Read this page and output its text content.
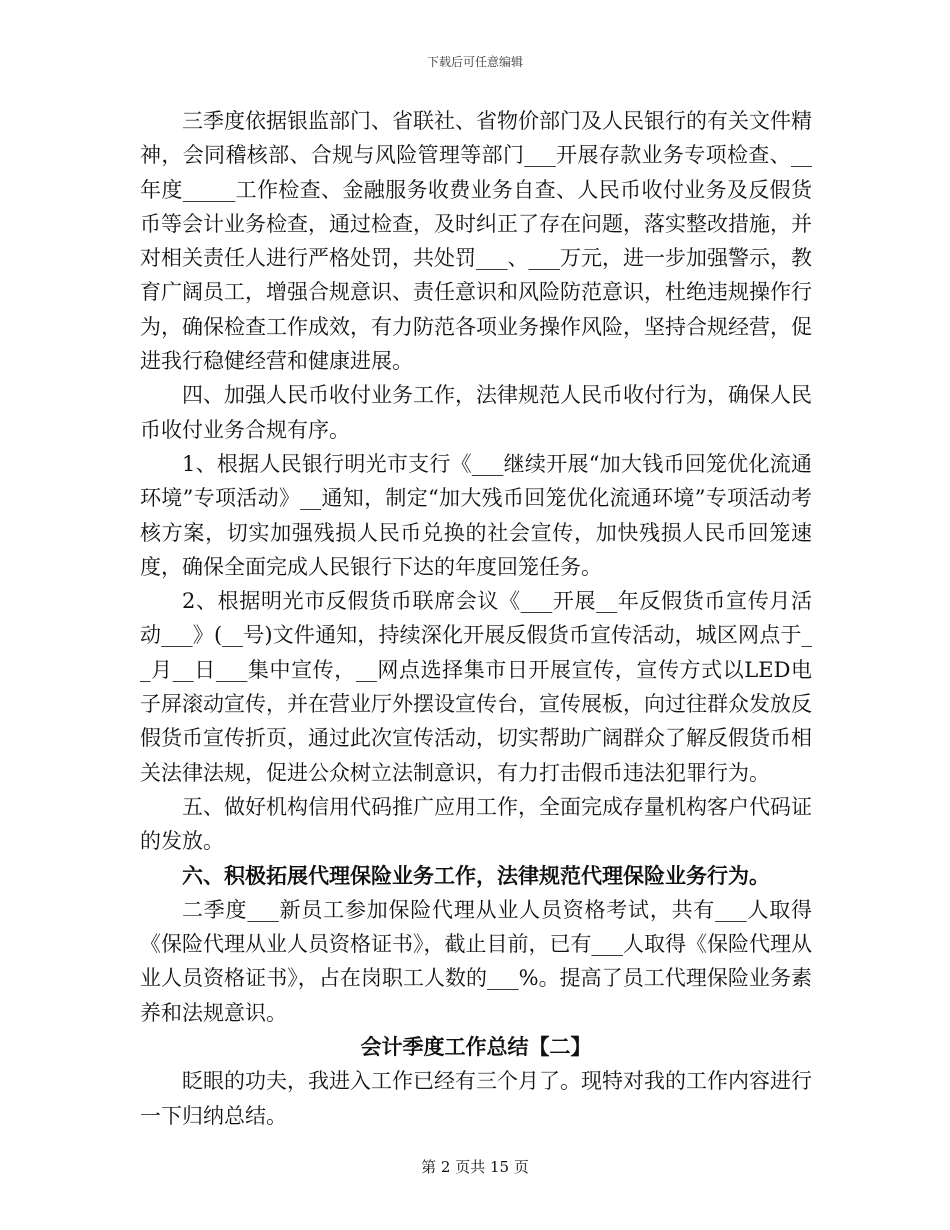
下载后可任意编辑

三季度依据银监部门、省联社、省物价部门及人民银行的有关文件精神，会同稽核部、合规与风险管理等部门___开展存款业务专项检查、__年度_____工作检查、金融服务收费业务自查、人民币收付业务及反假货币等会计业务检查，通过检查，及时纠正了存在问题，落实整改措施，并对相关责任人进行严格处罚，共处罚___、___万元，进一步加强警示，教育广阔员工，增强合规意识、责任意识和风险防范意识，杜绝违规操作行为，确保检查工作成效，有力防范各项业务操作风险，坚持合规经营，促进我行稳健经营和健康进展。

四、加强人民币收付业务工作，法律规范人民币收付行为，确保人民币收付业务合规有序。

1、根据人民银行明光市支行《___继续开展“加大钱币回笼优化流通环境”专项活动》__通知，制定“加大残币回笼优化流通环境”专项活动考核方案，切实加强残损人民币兑换的社会宣传，加快残损人民币回笼速度，确保全面完成人民银行下达的年度回笼任务。

2、根据明光市反假货币联席会议《___开展__年反假货币宣传月活动___》(__号)文件通知，持续深化开展反假货币宣传活动，城区网点于__月__日___集中宣传，__网点选择集市日开展宣传，宣传方式以LED电子屏滚动宣传，并在营业厅外摆设宣传台，宣传展板，向过往群众发放反假货币宣传折页，通过此次宣传活动，切实帮助广阔群众了解反假货币相关法律法规，促进公众树立法制意识，有力打击假币违法犯罪行为。

五、做好机构信用代码推广应用工作，全面完成存量机构客户代码证的发放。

六、积极拓展代理保险业务工作，法律规范代理保险业务行为。

二季度___新员工参加保险代理从业人员资格考试，共有___人取得《保险代理从业人员资格证书》，截止目前，已有___人取得《保险代理从业人员资格证书》，占在岗职工人数的___%。提高了员工代理保险业务素养和法规意识。

会计季度工作总结【二】

眨眼的功夫，我进入工作已经有三个月了。现特对我的工作内容进行一下归纳总结。

第 2 页共 15 页
